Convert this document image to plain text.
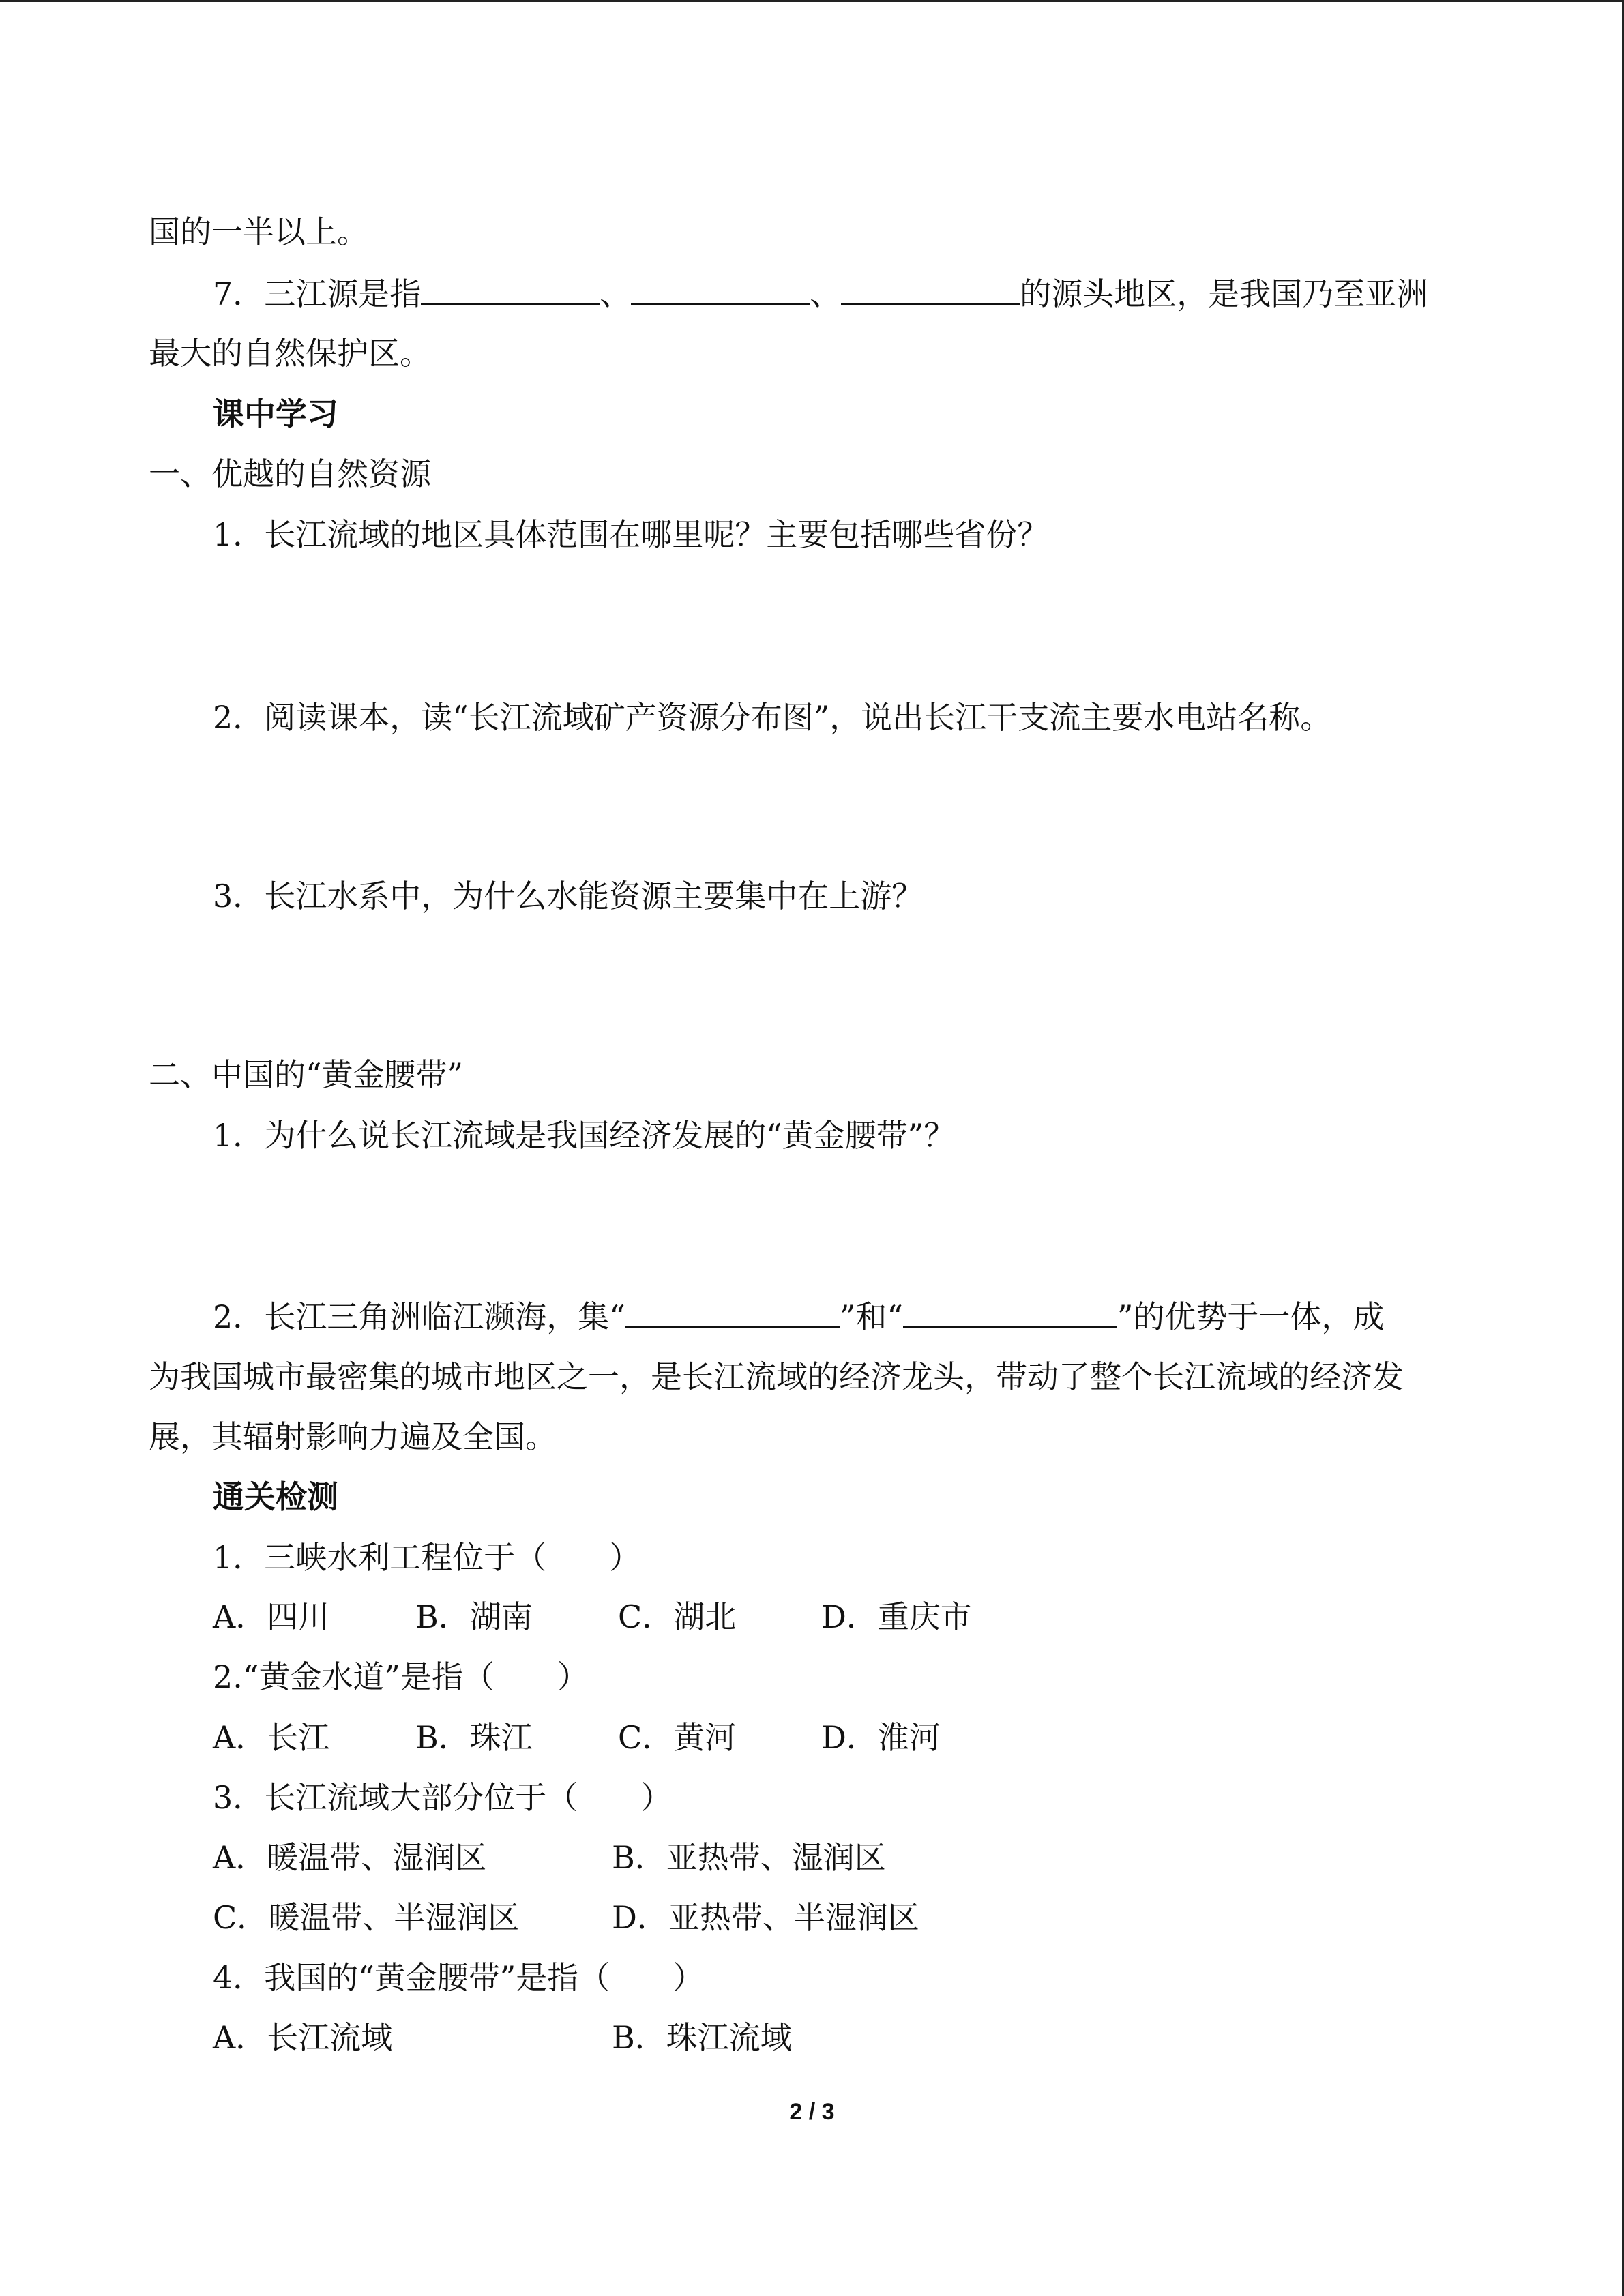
国的一半以上。
7．三江源是指	、	、	的源头地区，是我国乃至亚洲
最大的自然保护区。
课中学习
一、优越的自然资源
1．长江流域的地区具体范围在哪里呢？主要包括哪些省份？
2．阅读课本，读“长江流域矿产资源分布图”，说出长江干支流主要水电站名称。
3．长江水系中，为什么水能资源主要集中在上游？
二、中国的“黄金腰带”
1．为什么说长江流域是我国经济发展的“黄金腰带”？
2．长江三角洲临江濒海，集“	”和“	”的优势于一体，成
为我国城市最密集的城市地区之一，是长江流域的经济龙头，带动了整个长江流域的经济发
展，其辐射影响力遍及全国。
通关检测
1．三峡水利工程位于（　　）
A．四川	B．湖南	C．湖北	D．重庆市
2.“黄金水道”是指（　　）
A．长江	B．珠江	C．黄河	D．淮河
3．长江流域大部分位于（　　）
A．暖温带、湿润区	B．亚热带、湿润区
C．暖温带、半湿润区	D．亚热带、半湿润区
4．我国的“黄金腰带”是指（　　）
A．长江流域	B．珠江流域
2 / 3
